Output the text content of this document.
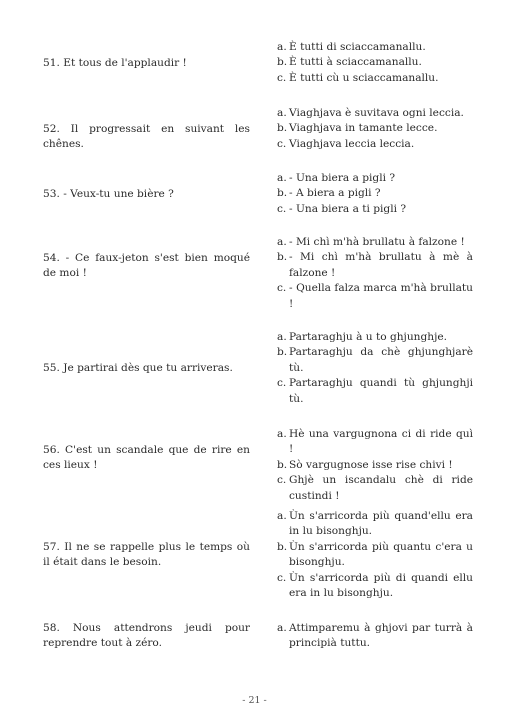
51. Et tous de l'applaudir !
a. È tutti di sciaccamanallu.
b. È tutti à sciaccamanallu.
c. È tutti cù u sciaccamanallu.
52. Il progressait en suivant les chênes.
a. Viaghjava è suvitava ogni leccia.
b. Viaghjava in tamante lecce.
c. Viaghjava leccia leccia.
53. - Veux-tu une bière ?
a. - Una biera a pigli ?
b. - A biera a pigli ?
c. - Una biera a ti pigli ?
54. - Ce faux-jeton s'est bien moqué de moi !
a. - Mi chì m'hà brullatu à falzone !
b. - Mi chì m'hà brullatu à mè à falzone !
c. - Quella falza marca m'hà brullatu !
55. Je partirai dès que tu arriveras.
a. Partaraghju à u to ghjunghje.
b. Partaraghju da chè ghjunghjarè tù.
c. Partaraghju quandi tù ghjunghji tù.
56. C'est un scandale que de rire en ces lieux !
a. Hè una vargugnona ci di ride quì !
b. Sò vargugnose isse rise chivi !
c. Ghjè un iscandalu chè di ride custindi !
57. Il ne se rappelle plus le temps où il était dans le besoin.
a. Ùn s'arricorda più quand'ellu era in lu bisonghju.
b. Ùn s'arricorda più quantu c'era u bisonghju.
c. Ùn s'arricorda più di quandi ellu era in lu bisonghju.
58. Nous attendrons jeudi pour reprendre tout à zéro.
a. Attimparemu à ghjovi par turrà à principià tuttu.
- 21 -
